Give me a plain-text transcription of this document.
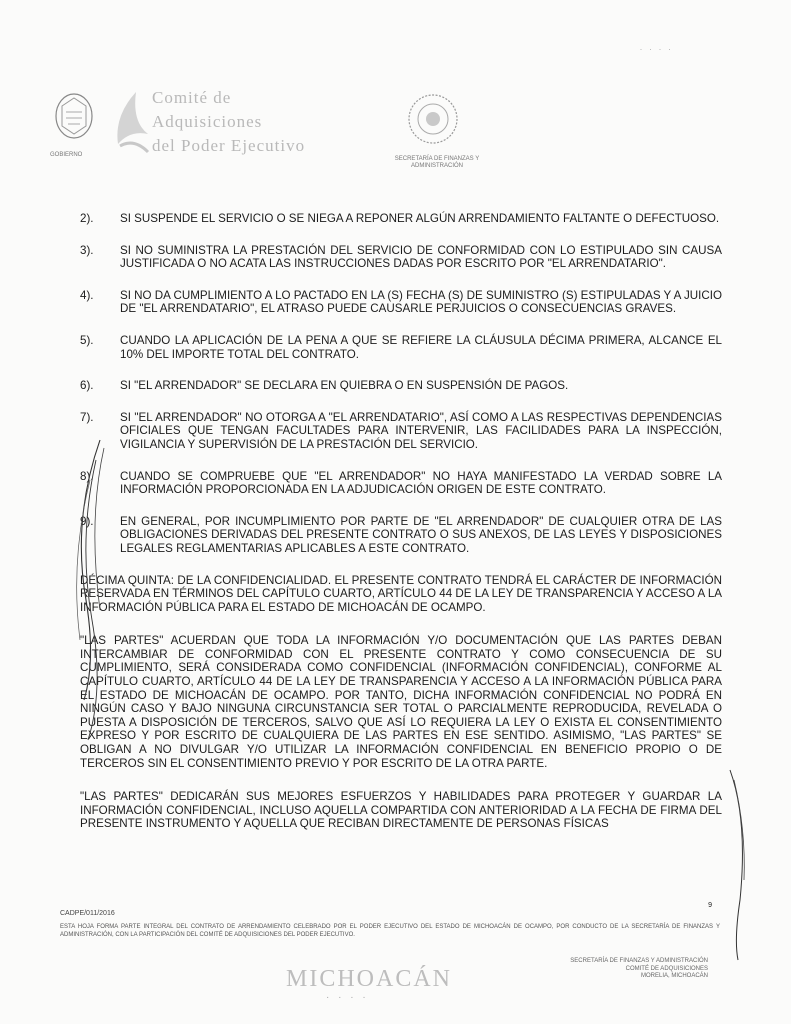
· · · ·
GOBIERNO
Comité de
Adquisiciones
del Poder Ejecutivo
SECRETARÍA DE FINANZAS Y ADMINISTRACIÓN
2). SI SUSPENDE EL SERVICIO O SE NIEGA A REPONER ALGÚN ARRENDAMIENTO FALTANTE O DEFECTUOSO.
3). SI NO SUMINISTRA LA PRESTACIÓN DEL SERVICIO DE CONFORMIDAD CON LO ESTIPULADO SIN CAUSA JUSTIFICADA O NO ACATA LAS INSTRUCCIONES DADAS POR ESCRITO POR "EL ARRENDATARIO".
4). SI NO DA CUMPLIMIENTO A LO PACTADO EN LA (S) FECHA (S) DE SUMINISTRO (S) ESTIPULADAS Y A JUICIO DE "EL ARRENDATARIO", EL ATRASO PUEDE CAUSARLE PERJUICIOS O CONSECUENCIAS GRAVES.
5). CUANDO LA APLICACIÓN DE LA PENA A QUE SE REFIERE LA CLÁUSULA DÉCIMA PRIMERA, ALCANCE EL 10% DEL IMPORTE TOTAL DEL CONTRATO.
6). SI "EL ARRENDADOR" SE DECLARA EN QUIEBRA O EN SUSPENSIÓN DE PAGOS.
7). SI "EL ARRENDADOR" NO OTORGA A "EL ARRENDATARIO", ASÍ COMO A LAS RESPECTIVAS DEPENDENCIAS OFICIALES QUE TENGAN FACULTADES PARA INTERVENIR, LAS FACILIDADES PARA LA INSPECCIÓN, VIGILANCIA Y SUPERVISIÓN DE LA PRESTACIÓN DEL SERVICIO.
8). CUANDO SE COMPRUEBE QUE "EL ARRENDADOR" NO HAYA MANIFESTADO LA VERDAD SOBRE LA INFORMACIÓN PROPORCIONADA EN LA ADJUDICACIÓN ORIGEN DE ESTE CONTRATO.
9). EN GENERAL, POR INCUMPLIMIENTO POR PARTE DE "EL ARRENDADOR" DE CUALQUIER OTRA DE LAS OBLIGACIONES DERIVADAS DEL PRESENTE CONTRATO O SUS ANEXOS, DE LAS LEYES Y DISPOSICIONES LEGALES REGLAMENTARIAS APLICABLES A ESTE CONTRATO.

DÉCIMA QUINTA: DE LA CONFIDENCIALIDAD. EL PRESENTE CONTRATO TENDRÁ EL CARÁCTER DE INFORMACIÓN RESERVADA EN TÉRMINOS DEL CAPÍTULO CUARTO, ARTÍCULO 44 DE LA LEY DE TRANSPARENCIA Y ACCESO A LA INFORMACIÓN PÚBLICA PARA EL ESTADO DE MICHOACÁN DE OCAMPO.

"LAS PARTES" ACUERDAN QUE TODA LA INFORMACIÓN Y/O DOCUMENTACIÓN QUE LAS PARTES DEBAN INTERCAMBIAR DE CONFORMIDAD CON EL PRESENTE CONTRATO Y COMO CONSECUENCIA DE SU CUMPLIMIENTO, SERÁ CONSIDERADA COMO CONFIDENCIAL (INFORMACIÓN CONFIDENCIAL), CONFORME AL CAPÍTULO CUARTO, ARTÍCULO 44 DE LA LEY DE TRANSPARENCIA Y ACCESO A LA INFORMACIÓN PÚBLICA PARA EL ESTADO DE MICHOACÁN DE OCAMPO. POR TANTO, DICHA INFORMACIÓN CONFIDENCIAL NO PODRÁ EN NINGÚN CASO Y BAJO NINGUNA CIRCUNSTANCIA SER TOTAL O PARCIALMENTE REPRODUCIDA, REVELADA O PUESTA A DISPOSICIÓN DE TERCEROS, SALVO QUE ASÍ LO REQUIERA LA LEY O EXISTA EL CONSENTIMIENTO EXPRESO Y POR ESCRITO DE CUALQUIERA DE LAS PARTES EN ESE SENTIDO. ASIMISMO, "LAS PARTES" SE OBLIGAN A NO DIVULGAR Y/O UTILIZAR LA INFORMACIÓN CONFIDENCIAL EN BENEFICIO PROPIO O DE TERCEROS SIN EL CONSENTIMIENTO PREVIO Y POR ESCRITO DE LA OTRA PARTE.

"LAS PARTES" DEDICARÁN SUS MEJORES ESFUERZOS Y HABILIDADES PARA PROTEGER Y GUARDAR LA INFORMACIÓN CONFIDENCIAL, INCLUSO AQUELLA COMPARTIDA CON ANTERIORIDAD A LA FECHA DE FIRMA DEL PRESENTE INSTRUMENTO Y AQUELLA QUE RECIBAN DIRECTAMENTE DE PERSONAS FÍSICAS

CADPE/011/2016
9
ESTA HOJA FORMA PARTE INTEGRAL DEL CONTRATO DE ARRENDAMIENTO CELEBRADO POR EL PODER EJECUTIVO DEL ESTADO DE MICHOACÁN DE OCAMPO, POR CONDUCTO DE LA SECRETARÍA DE FINANZAS Y ADMINISTRACIÓN, CON LA PARTICIPACIÓN DEL COMITÉ DE ADQUISICIONES DEL PODER EJECUTIVO.
MICHOACÁN
· · · ·
SECRETARÍA DE FINANZAS Y ADMINISTRACIÓN
COMITÉ DE ADQUISICIONES
MORELIA, MICHOACÁN
